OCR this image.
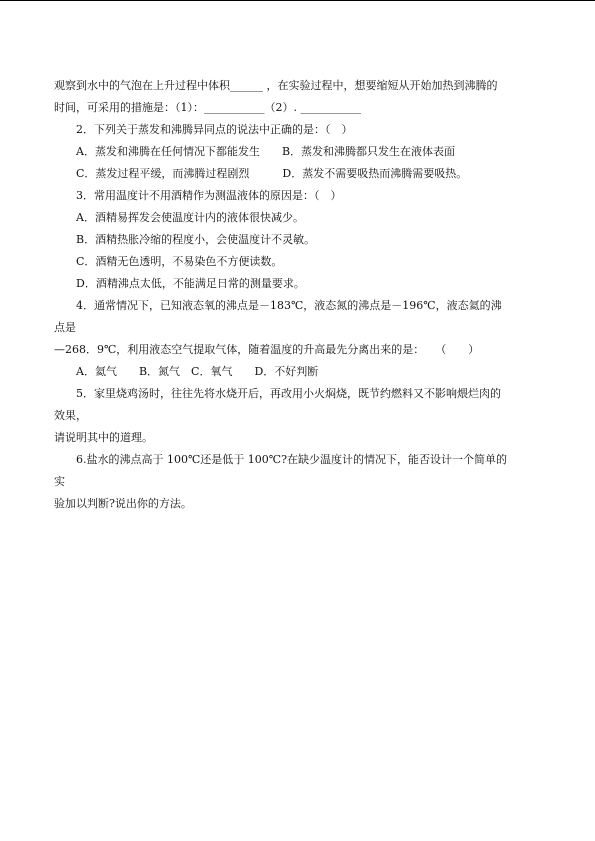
观察到水中的气泡在上升过程中体积______ ，在实验过程中，想要缩短从开始加热到沸腾的
时间，可采用的措施是：（1）：___________（2）. ___________
2．下列关于蒸发和沸腾异同点的说法中正确的是：（　）
A．蒸发和沸腾在任何情况下都能发生　　B．蒸发和沸腾都只发生在液体表面
C．蒸发过程平缓，而沸腾过程剧烈　　　D．蒸发不需要吸热而沸腾需要吸热。
3．常用温度计不用酒精作为测温液体的原因是：（　）
A．酒精易挥发会使温度计内的液体很快减少。
B．酒精热胀冷缩的程度小，会使温度计不灵敏。
C．酒精无色透明，不易染色不方便读数。
D．酒精沸点太低，不能满足日常的测量要求。
4．通常情况下，已知液态氧的沸点是－183℃，液态氮的沸点是－196℃，液态氦的沸
点是
—268．9℃，利用液态空气提取气体，随着温度的升高最先分离出来的是：　　（　　）
A．氦气　　B．氮气　C．氧气　　D．不好判断
5．家里烧鸡汤时，往往先将水烧开后，再改用小火焖烧，既节约燃料又不影响煨烂肉的
效果，
请说明其中的道理。
6.盐水的沸点高于 100℃还是低于 100℃?在缺少温度计的情况下，能否设计一个简单的
实
验加以判断?说出你的方法。
